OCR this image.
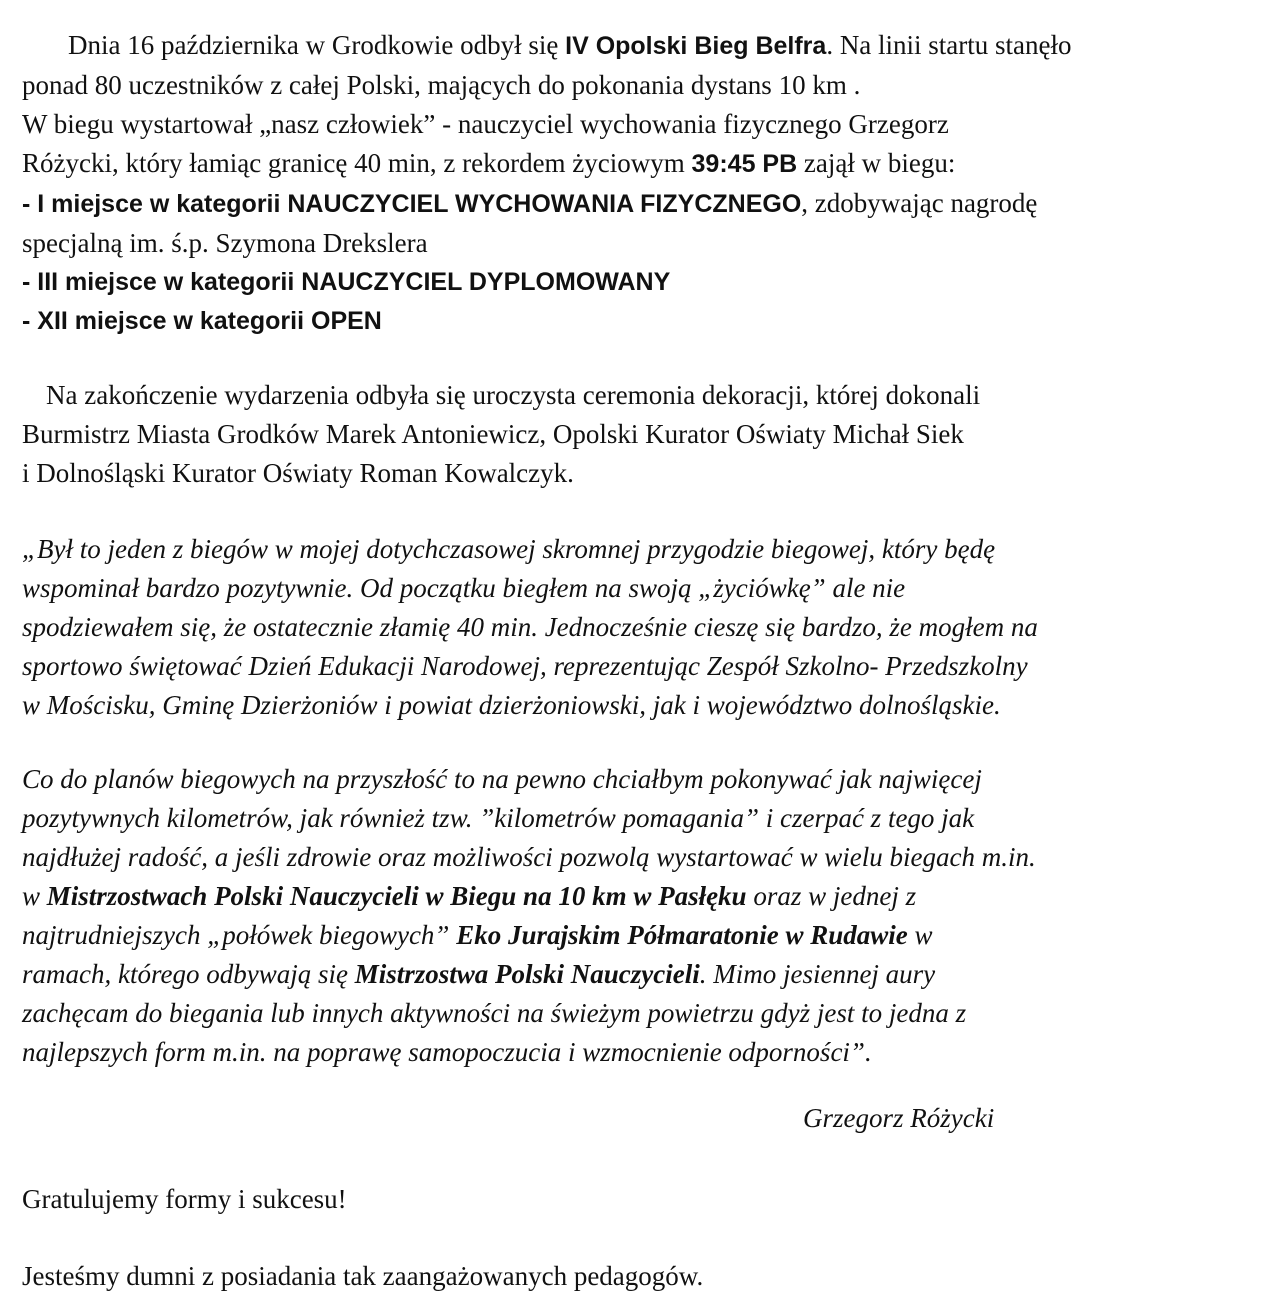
Dnia 16 października w Grodkowie odbył się IV Opolski Bieg Belfra. Na linii startu stanęło
ponad 80 uczestników z całej Polski, mających do pokonania dystans 10 km .
W biegu wystartował „nasz człowiek” - nauczyciel wychowania fizycznego Grzegorz
Różycki, który łamiąc granicę 40 min, z rekordem życiowym 39:45 PB zajął w biegu:
- I miejsce w kategorii NAUCZYCIEL WYCHOWANIA FIZYCZNEGO, zdobywając nagrodę
specjalną im. ś.p. Szymona Drekslera
- III miejsce w kategorii NAUCZYCIEL DYPLOMOWANY
- XII miejsce w kategorii OPEN
Na zakończenie wydarzenia odbyła się uroczysta ceremonia dekoracji, której dokonali
Burmistrz Miasta Grodków Marek Antoniewicz, Opolski Kurator Oświaty Michał Siek
i Dolnośląski Kurator Oświaty Roman Kowalczyk.
„Był to jeden z biegów w mojej dotychczasowej skromnej przygodzie biegowej, który będę
wspominał bardzo pozytywnie. Od początku biegłem na swoją „życiówkę” ale nie
spodziewałem się, że ostatecznie złamię 40 min. Jednocześnie cieszę się bardzo, że mogłem na
sportowo świętować Dzień Edukacji Narodowej, reprezentując Zespół Szkolno- Przedszkolny
w Mościsku, Gminę Dzierżoniów i powiat dzierżoniowski, jak i województwo dolnośląskie.
Co do planów biegowych na przyszłość to na pewno chciałbym pokonywać jak najwięcej
pozytywnych kilometrów, jak również tzw. ”kilometrów pomagania” i czerpać z tego jak
najdłużej radość, a jeśli zdrowie oraz możliwości pozwolą wystartować w wielu biegach m.in.
w Mistrzostwach Polski Nauczycieli w Biegu na 10 km w Pasłęku oraz w jednej z
najtrudniejszych „połówek biegowych” Eko Jurajskim Półmaratonie w Rudawie w
ramach, którego odbywają się Mistrzostwa Polski Nauczycieli. Mimo jesiennej aury
zachęcam do biegania lub innych aktywności na świeżym powietrzu gdyż jest to jedna z
najlepszych form m.in. na poprawę samopoczucia i wzmocnienie odporności”.
Grzegorz Różycki
Gratulujemy formy i sukcesu!
Jesteśmy dumni z posiadania tak zaangażowanych pedagogów.
